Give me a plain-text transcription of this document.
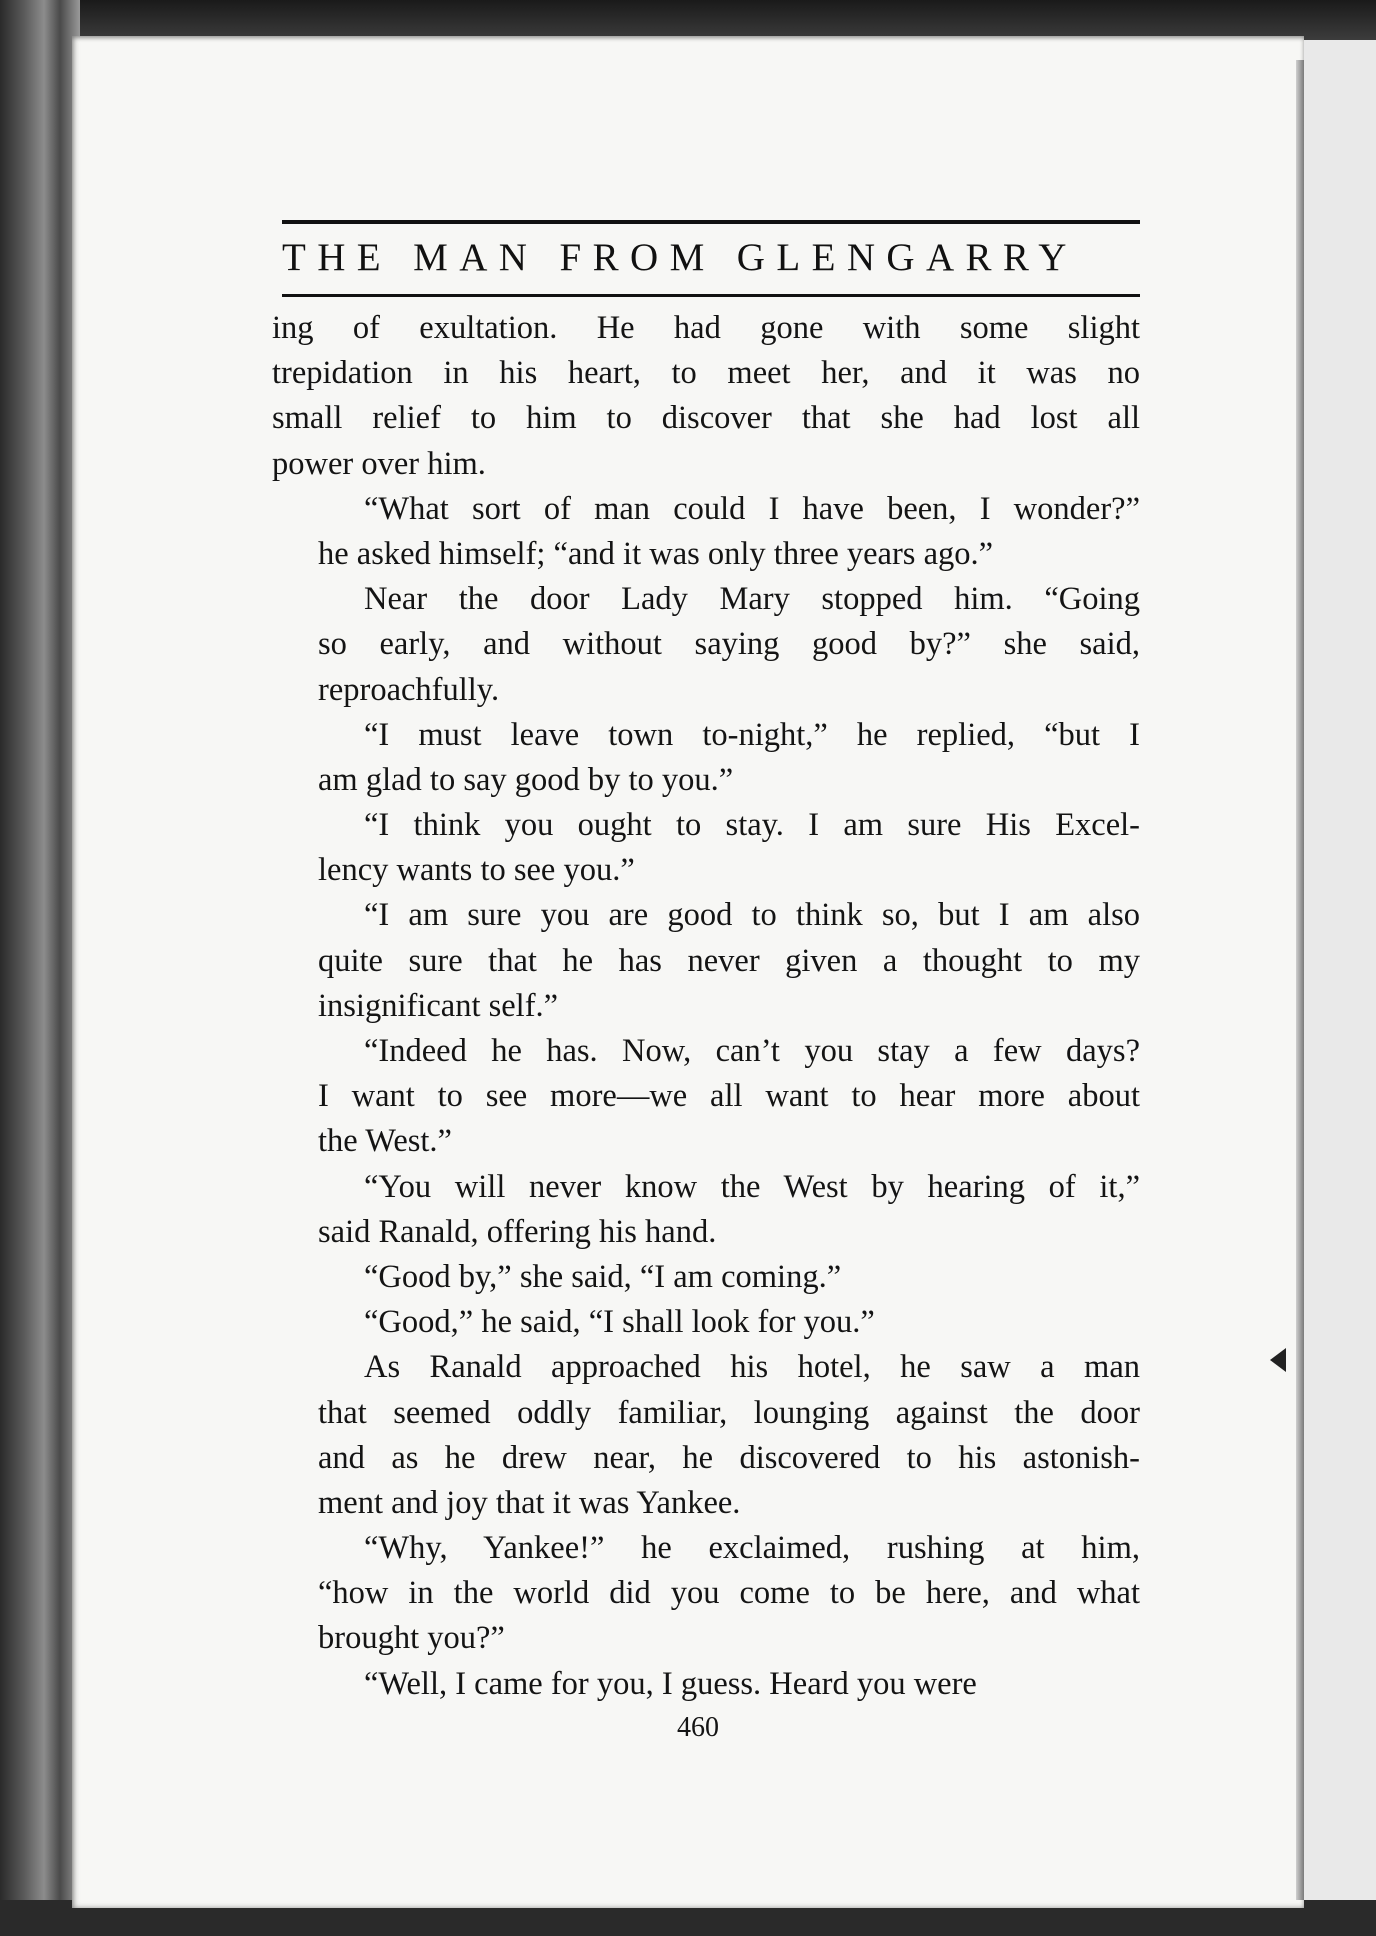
THE MAN FROM GLENGARRY
ing of exultation. He had gone with some slight
trepidation in his heart, to meet her, and it was no
small relief to him to discover that she had lost all
power over him.
“What sort of man could I have been, I wonder?”
he asked himself; “and it was only three years ago.”
Near the door Lady Mary stopped him. “Going
so early, and without saying good by?” she said,
reproachfully.
“I must leave town to-night,” he replied, “but I
am glad to say good by to you.”
“I think you ought to stay. I am sure His Excel-
lency wants to see you.”
“I am sure you are good to think so, but I am also
quite sure that he has never given a thought to my
insignificant self.”
“Indeed he has. Now, can’t you stay a few days?
I want to see more—we all want to hear more about
the West.”
“You will never know the West by hearing of it,”
said Ranald, offering his hand.
“Good by,” she said, “I am coming.”
“Good,” he said, “I shall look for you.”
As Ranald approached his hotel, he saw a man
that seemed oddly familiar, lounging against the door
and as he drew near, he discovered to his astonish-
ment and joy that it was Yankee.
“Why, Yankee!” he exclaimed, rushing at him,
“how in the world did you come to be here, and what
brought you?”
“Well, I came for you, I guess. Heard you were
460
